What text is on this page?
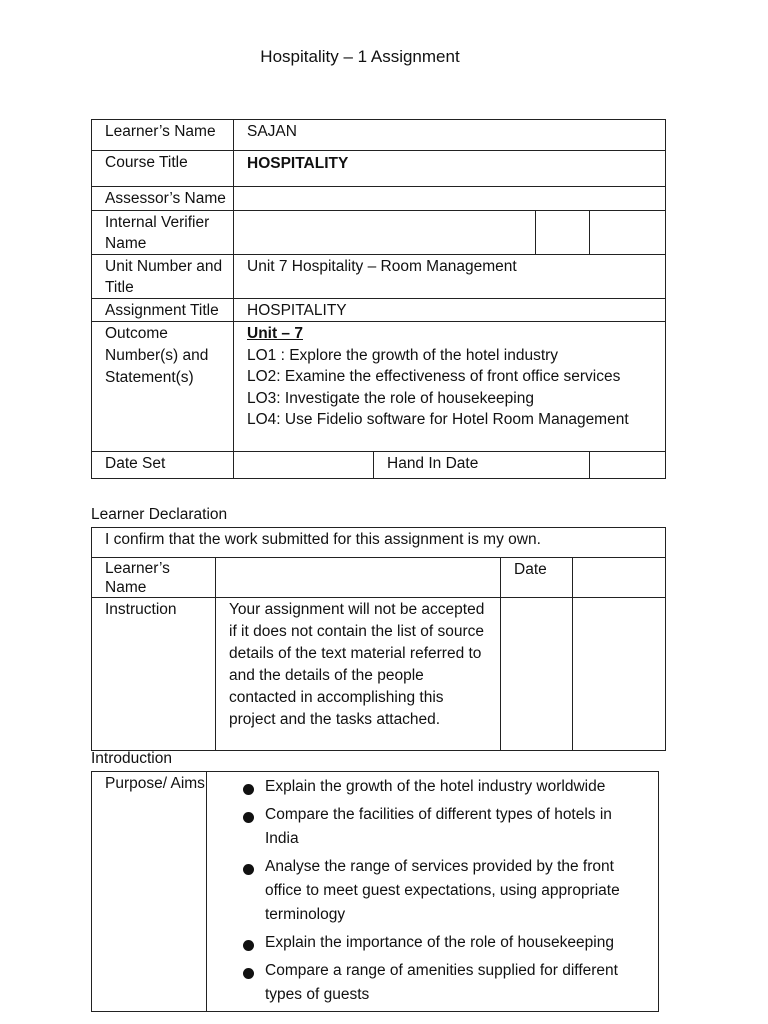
Hospitality – 1 Assignment
Learner’s Name	SAJAN			
Course Title	HOSPITALITY			
Assessor’s Name				
Internal Verifier Name				
Unit Number and Title	Unit 7 Hospitality – Room Management			
Assignment Title	HOSPITALITY			
Outcome Number(s) and Statement(s)	Unit – 7
LO1 : Explore the growth of the hotel industry
LO2: Examine the effectiveness of front office services LO3: Investigate the role of housekeeping
LO4: Use Fidelio software for Hotel Room Management			

Date Set		Hand In Date		
Learner Declaration
I confirm that the work submitted for this assignment is my own.			
Learner’s Name		Date	
Instruction	Your assignment will not be accepted if it does not contain the list of source details of the text material referred to and the details of the people contacted in accomplishing this project and the tasks attached.		
Introduction
Purpose/ Aims	Explain the growth of the hotel industry worldwide
Compare the facilities of different types of hotels in India
Analyse the range of services provided by the front office to meet guest expectations, using appropriate terminology
Explain the importance of the role of housekeeping
Compare a range of amenities supplied for different types of guests
